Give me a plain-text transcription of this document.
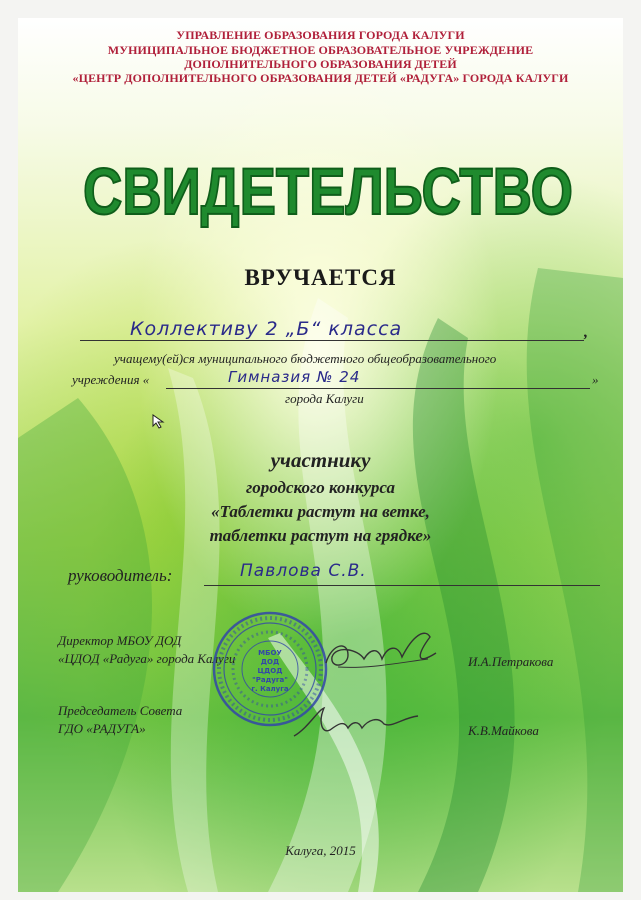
УПРАВЛЕНИЕ ОБРАЗОВАНИЯ ГОРОДА КАЛУГИ
МУНИЦИПАЛЬНОЕ БЮДЖЕТНОЕ ОБРАЗОВАТЕЛЬНОЕ УЧРЕЖДЕНИЕ
ДОПОЛНИТЕЛЬНОГО ОБРАЗОВАНИЯ ДЕТЕЙ
«ЦЕНТР ДОПОЛНИТЕЛЬНОГО ОБРАЗОВАНИЯ ДЕТЕЙ «РАДУГА» ГОРОДА КАЛУГИ
СВИДЕТЕЛЬСТВО
ВРУЧАЕТСЯ
Коллективу 2 „Б“ класса	,
учащему(ей)ся муниципального бюджетного общеобразовательного
учреждения «	Гимназия № 24	»
города Калуги
участнику
городского конкурса
«Таблетки растут на ветке,
таблетки растут на грядке»
руководитель:	Павлова С.В.
Директор МБОУ ДОД
«ЦДОД «Радуга» города Калуги	И.А.Петракова
МБОУ
ДОД
ЦДОД
"Радуга"
г. Калуга
Председатель Совета
ГДО «РАДУГА»	К.В.Майкова
Калуга, 2015
